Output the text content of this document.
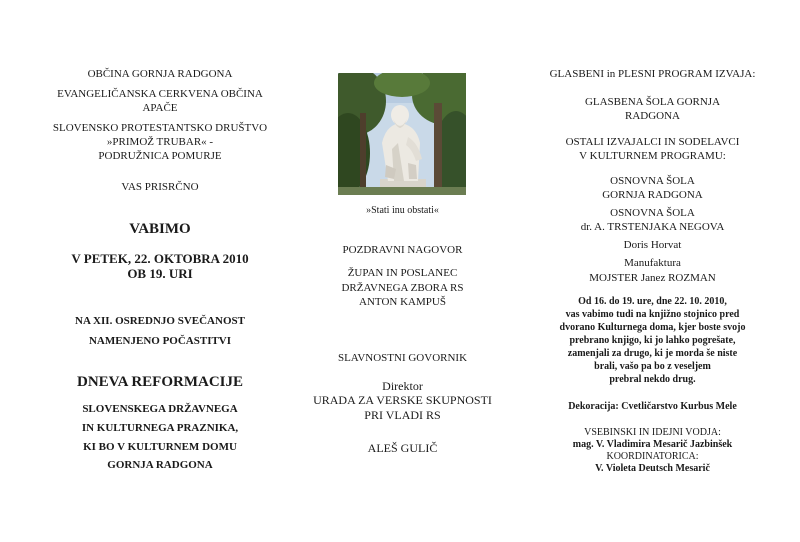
OBČINA GORNJA RADGONA
EVANGELIČANSKA CERKVENA OBČINA
APAČE
SLOVENSKO PROTESTANTSKO DRUŠTVO
»PRIMOŽ TRUBAR« -
PODRUŽNICA POMURJE
VAS PRISRČNO
VABIMO
V PETEK, 22. OKTOBRA 2010
OB 19. URI
NA XII. OSREDNJO SVEČANOST
NAMENJENO POČASTITVI
DNEVA REFORMACIJE
SLOVENSKEGA DRŽAVNEGA
IN KULTURNEGA PRAZNIKA,
KI BO V KULTURNEM DOMU
GORNJA RADGONA
»Stati inu obstati«
POZDRAVNI NAGOVOR
ŽUPAN IN POSLANEC
DRŽAVNEGA ZBORA RS
ANTON KAMPUŠ
SLAVNOSTNI GOVORNIK
Direktor
URADA ZA VERSKE SKUPNOSTI
PRI VLADI RS
ALEŠ GULIČ
GLASBENI in PLESNI PROGRAM IZVAJA:
GLASBENA ŠOLA GORNJA
RADGONA
OSTALI IZVAJALCI IN SODELAVCI
V KULTURNEM PROGRAMU:
OSNOVNA ŠOLA
GORNJA RADGONA
OSNOVNA ŠOLA
dr. A. TRSTENJAKA NEGOVA
Doris Horvat
Manufaktura
MOJSTER Janez ROZMAN
Od 16. do 19. ure, dne 22. 10. 2010,
vas vabimo tudi na knjižno stojnico pred
dvorano Kulturnega doma, kjer boste svojo
prebrano knjigo, ki jo lahko pogrešate,
zamenjali za drugo, ki je morda še niste
brali, vašo pa bo z veseljem
prebral nekdo drug.
Dekoracija: Cvetličarstvo Kurbus Mele
VSEBINSKI IN IDEJNI VODJA:
mag. V. Vladimira Mesarič Jazbinšek
KOORDINATORICA:
V. Violeta Deutsch Mesarič
